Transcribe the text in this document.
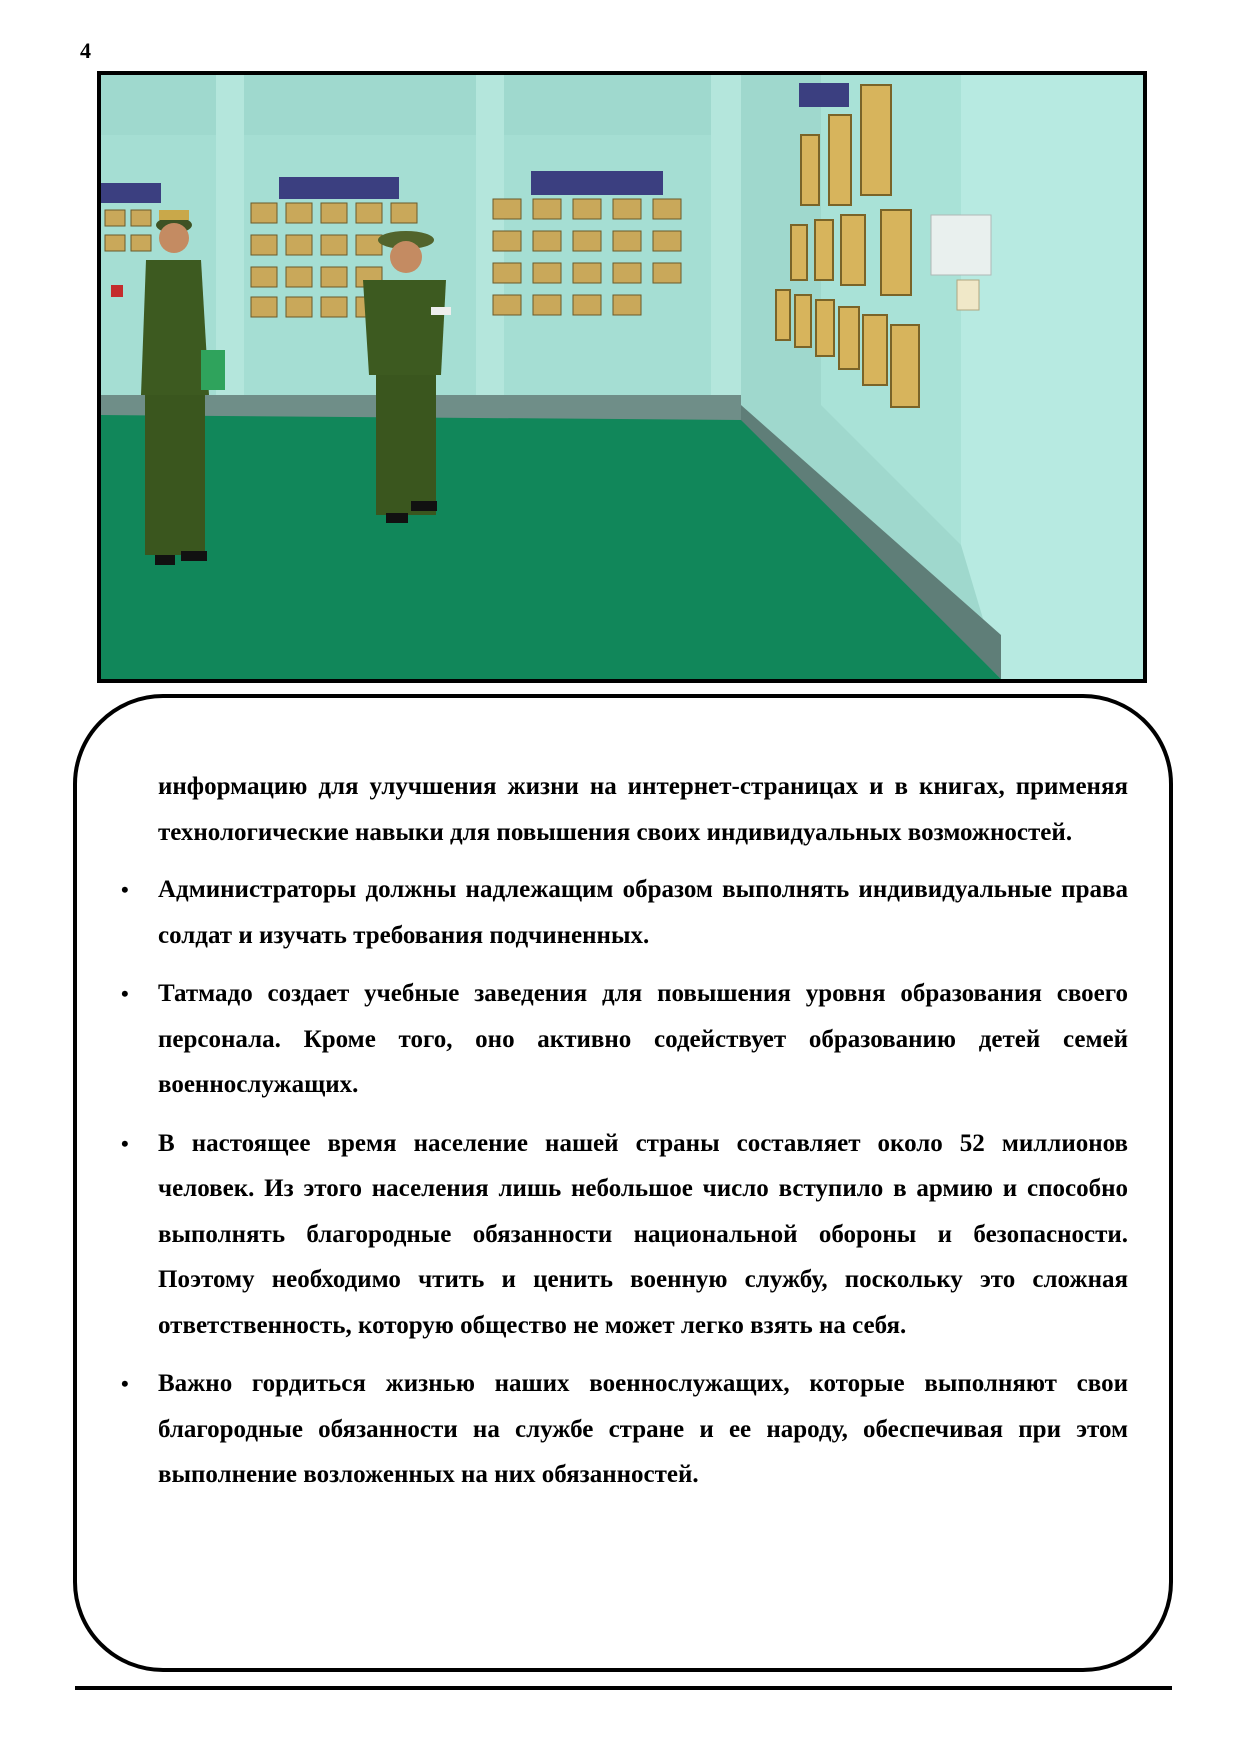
4

информацию для улучшения жизни на интернет-страницах и в книгах, применяя технологические навыки для повышения своих индивидуальных возможностей.

• Администраторы должны надлежащим образом выполнять индивидуальные права солдат и изучать требования подчиненных.

• Татмадо создает учебные заведения для повышения уровня образования своего персонала. Кроме того, оно активно содействует образованию детей семей военнослужащих.

• В настоящее время население нашей страны составляет около 52 миллионов человек. Из этого населения лишь небольшое число вступило в армию и способно выполнять благородные обязанности национальной обороны и безопасности. Поэтому необходимо чтить и ценить военную службу, поскольку это сложная ответственность, которую общество не может легко взять на себя.

• Важно гордиться жизнью наших военнослужащих, которые выполняют свои благородные обязанности на службе стране и ее народу, обеспечивая при этом выполнение возложенных на них обязанностей.
